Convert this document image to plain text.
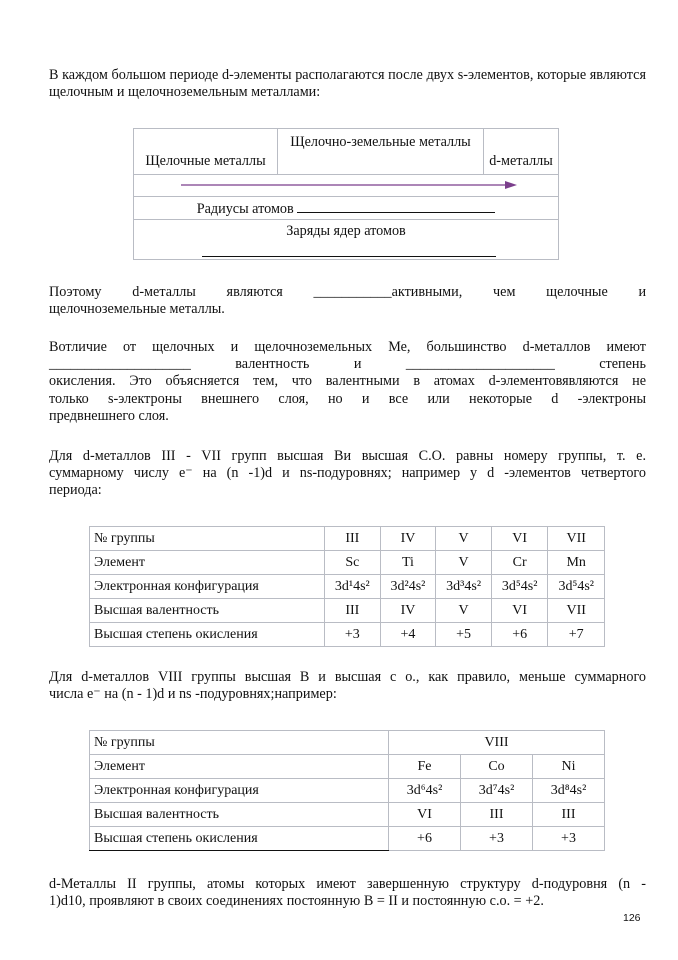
В каждом большом периоде d-элементы располагаются после двух s-элементов, которые являются щелочным и щелочноземельным металлами:

Щелочные металлы
Щелочно-земельные металлы
d-металлы
Радиусы атомов
Заряды ядер атомов

Поэтому d-металлы являются ___________активными, чем щелочные и

щелочноземельные металлы.

Вотличие от щелочных и щелочноземельных Ме, большинство d-металлов имеют

____________________	валентность	и	_____________________	степень

окисления. Это объясняется тем, что валентными в атомах d-элементовявляются не

только s-электроны внешнего слоя, но и все или некоторые d -электроны

предвнешнего слоя.

Для d-металлов III - VII групп высшая Ви высшая С.О. равны номеру группы, т. е.

суммарному числу e⁻ на (n -1)d и ns-подуровнях; например у d -элементов четвертого

периода:

№ группы	III	IV	V	VI	VII
Элемент	Sc	Ti	V	Cr	Mn
Электронная конфигурация	3d¹4s²	3d²4s²	3d³4s²	3d⁵4s²	3d⁵4s²
Высшая валентность	III	IV	V	VI	VII
Высшая степень окисления	+3	+4	+5	+6	+7

Для d-металлов VIII группы высшая В и высшая с о., как правило, меньше суммарного

числа e⁻ на (n - 1)d и ns -подуровнях;например:

№ группы	VIII		
Элемент	Fe	Co	Ni
Электронная конфигурация	3d⁶4s²	3d⁷4s²	3d⁸4s²
Высшая валентность	VI	III	III
Высшая степень окисления	+6	+3	+3

d-Металлы II группы, атомы которых имеют завершенную структуру d-подуровня (n -

1)d10, проявляют в своих соединениях постоянную В = II и постоянную с.о. = +2.

126
